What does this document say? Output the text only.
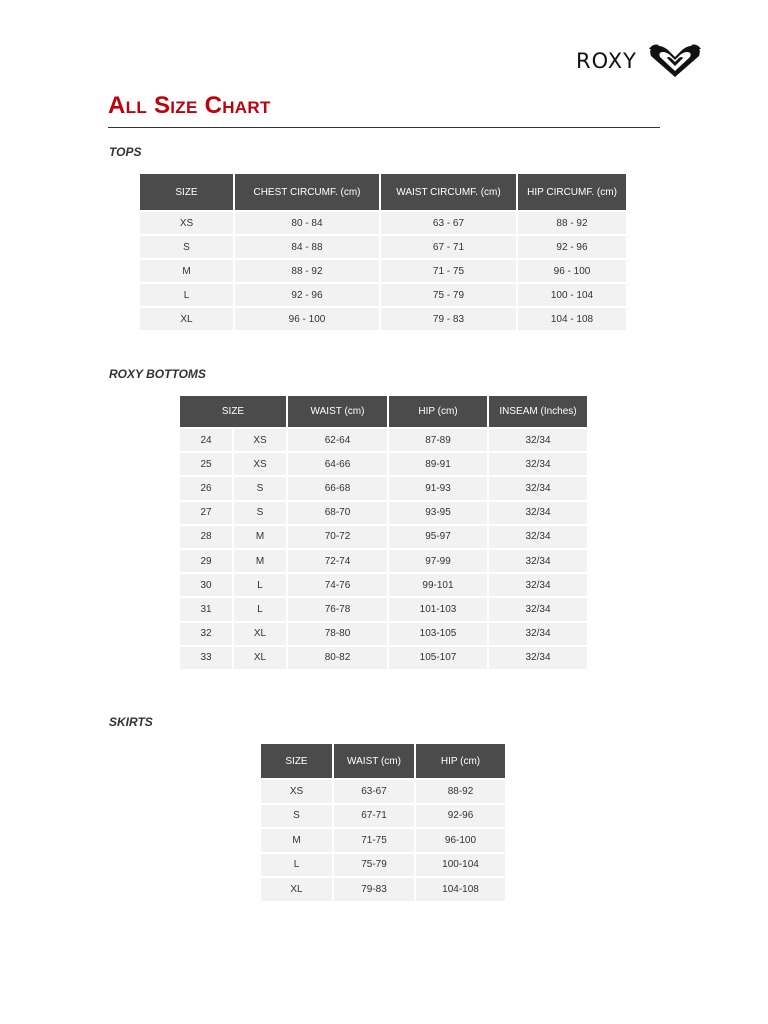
ROXY
All Size Chart

TOPS

SIZE	CHEST CIRCUMF. (cm)	WAIST CIRCUMF. (cm)	HIP CIRCUMF. (cm)
XS	80 - 84	63 - 67	88 - 92
S	84 - 88	67 - 71	92 - 96
M	88 - 92	71 - 75	96 - 100
L	92 - 96	75 - 79	100 - 104
XL	96 - 100	79 - 83	104 - 108

ROXY BOTTOMS

SIZE		WAIST (cm)	HIP (cm)	INSEAM (Inches)
24	XS	62-64	87-89	32/34
25	XS	64-66	89-91	32/34
26	S	66-68	91-93	32/34
27	S	68-70	93-95	32/34
28	M	70-72	95-97	32/34
29	M	72-74	97-99	32/34
30	L	74-76	99-101	32/34
31	L	76-78	101-103	32/34
32	XL	78-80	103-105	32/34
33	XL	80-82	105-107	32/34

SKIRTS

SIZE	WAIST (cm)	HIP (cm)
XS	63-67	88-92
S	67-71	92-96
M	71-75	96-100
L	75-79	100-104
XL	79-83	104-108
